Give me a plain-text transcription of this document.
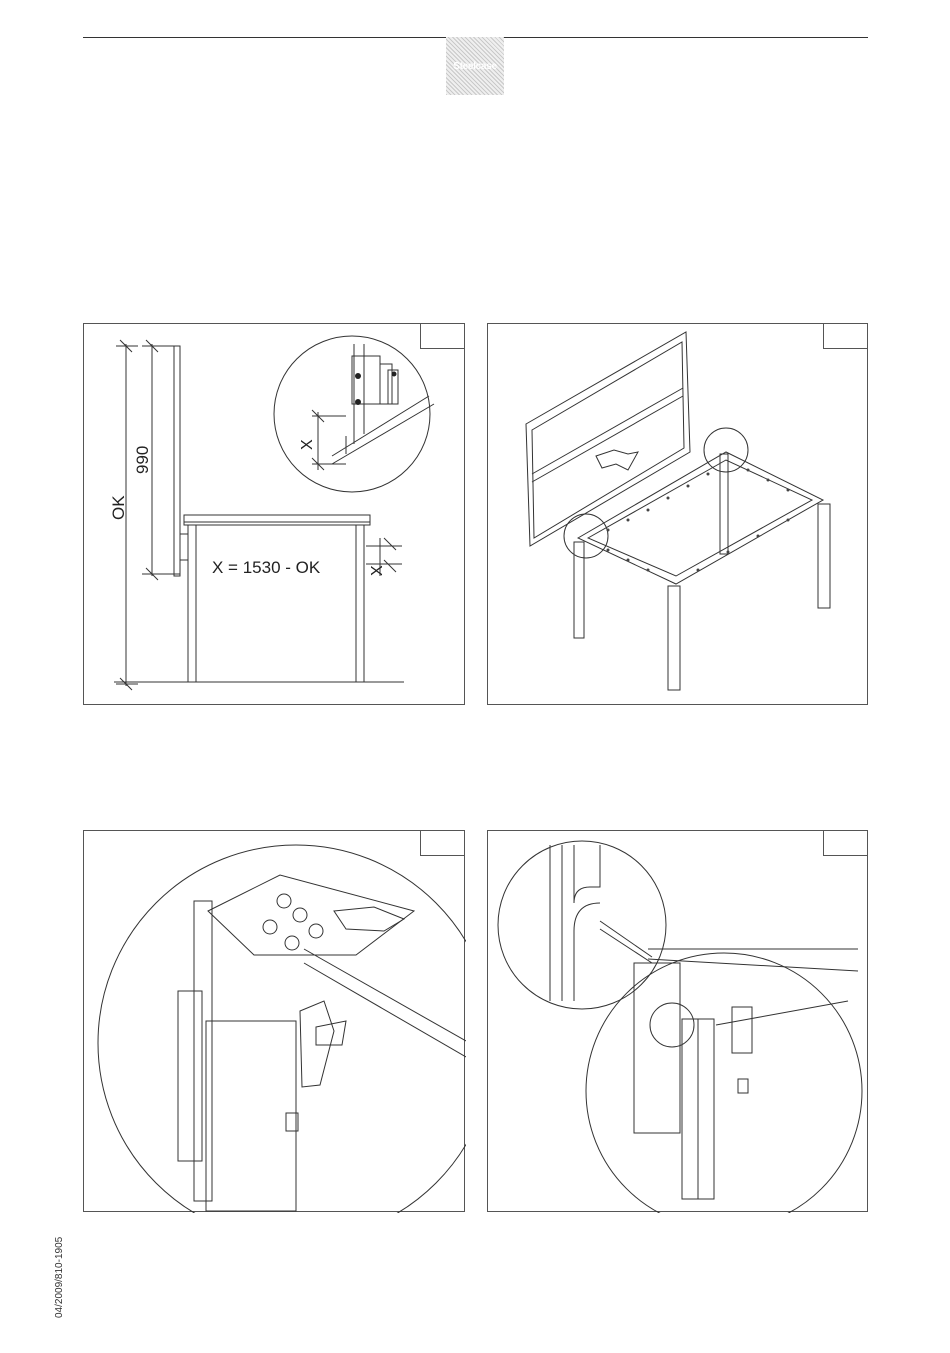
Steelcase
OK
990
X
X = 1530 - OK	X
04/2009/810-1905
